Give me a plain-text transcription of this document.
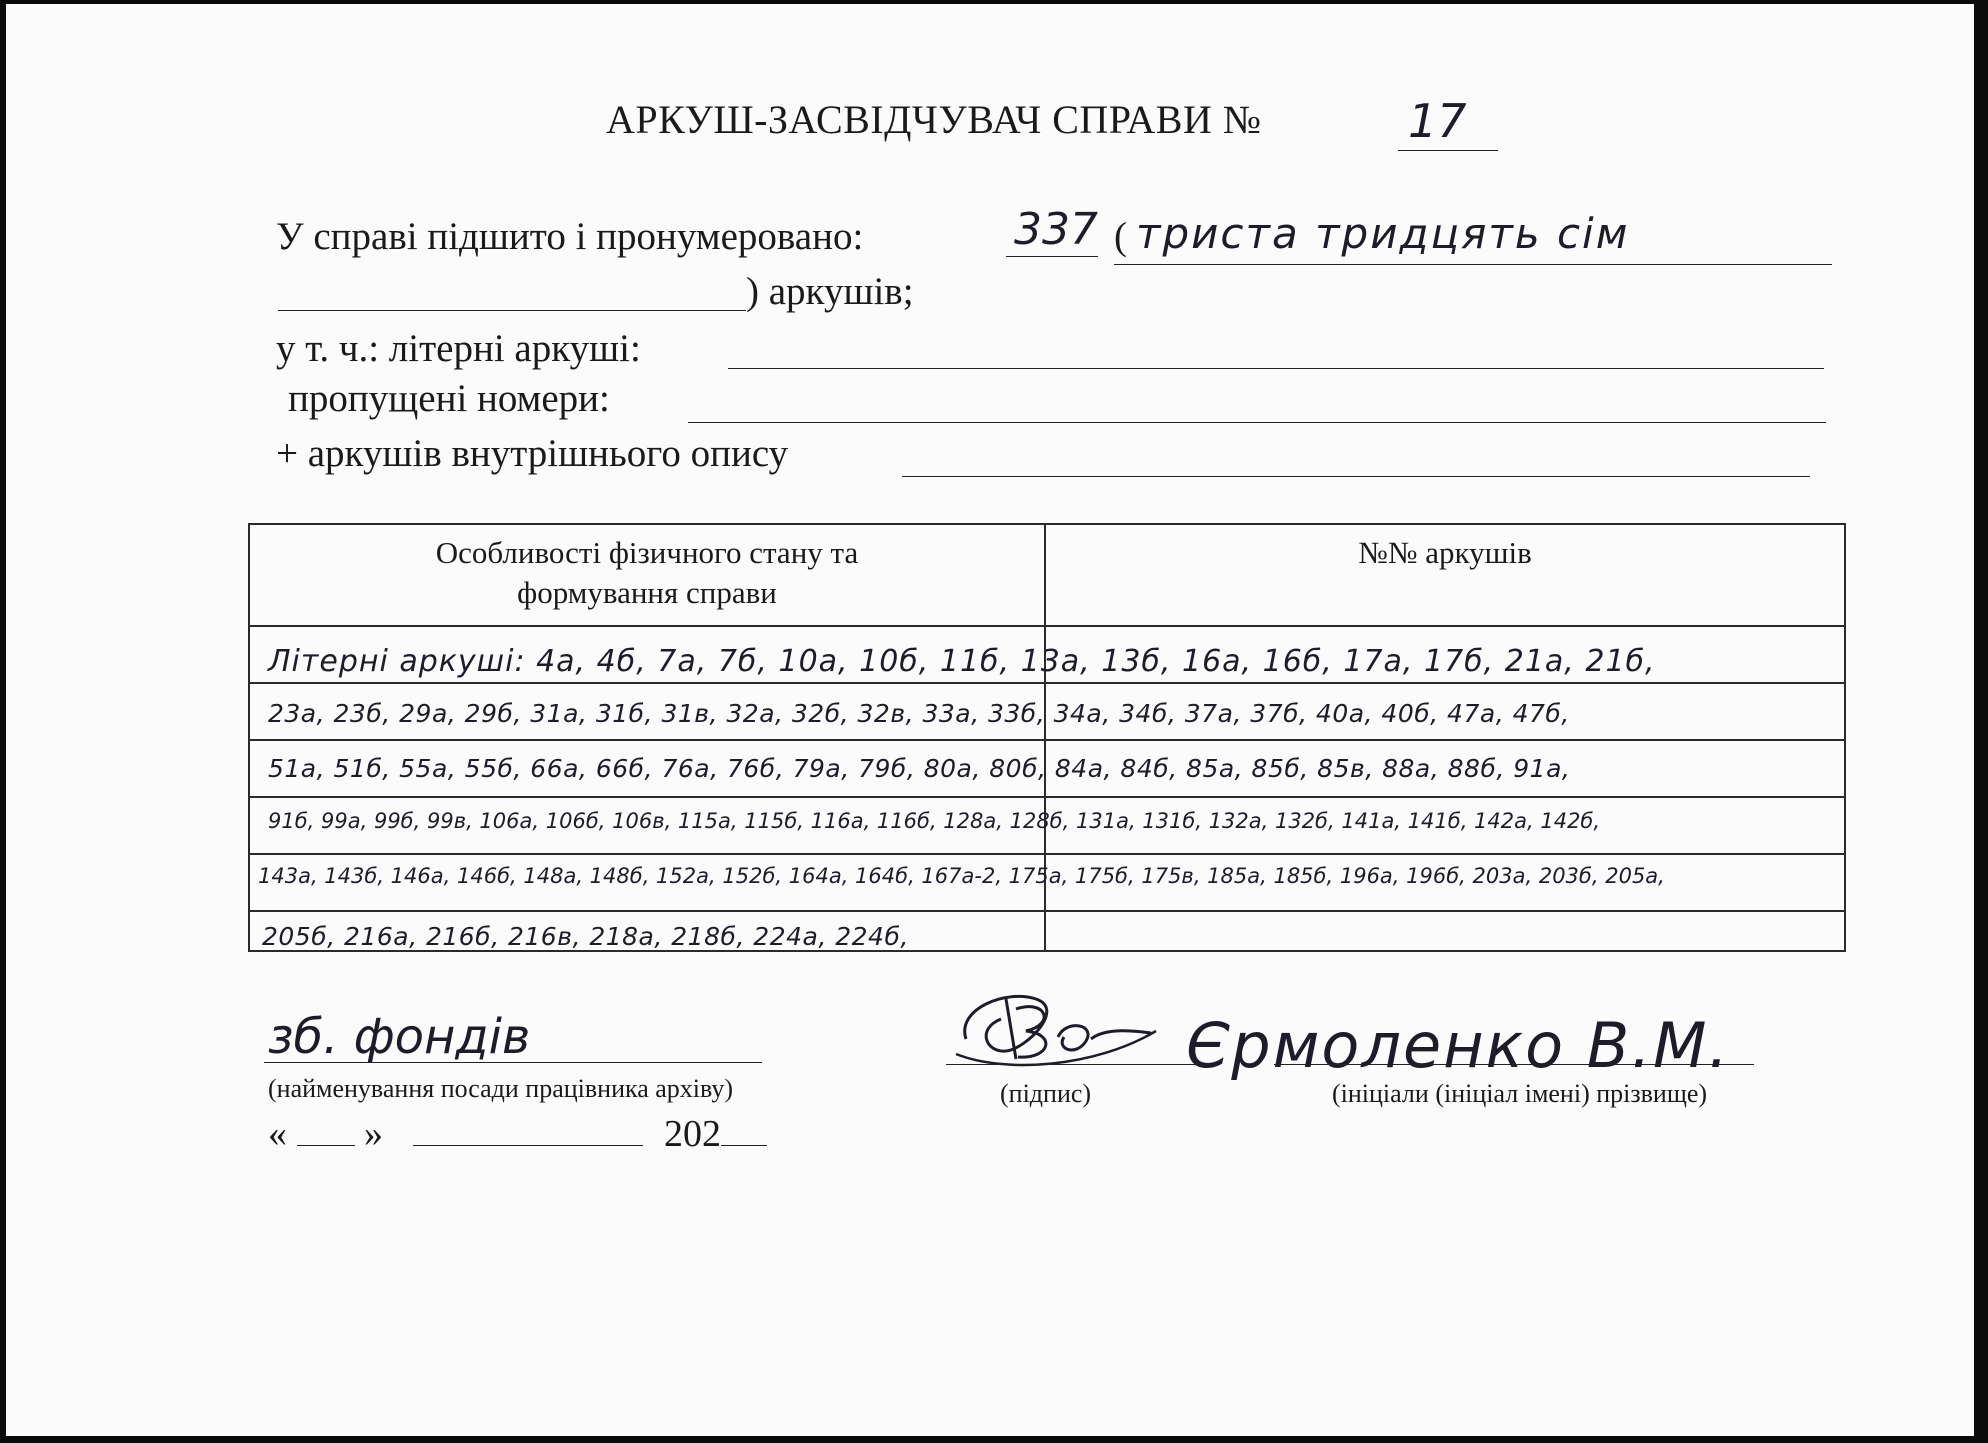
АРКУШ-ЗАСВІДЧУВАЧ СПРАВИ №	17
У справі підшито і пронумеровано:	337 ( тристa тридцять сім
) аркушів;
у т. ч.: літерні аркуші:
пропущені номери:
+ аркушів внутрішнього опису
Особливості фізичного стану та
формування справи	№№ аркушів

Літерні аркуші: 4а, 4б, 7а, 7б, 10а, 10б, 11б, 13а, 13б, 16а, 16б, 17а, 17б, 21а, 21б,
23а, 23б, 29а, 29б, 31а, 31б, 31в, 32а, 32б, 32в, 33а, 33б, 34а, 34б, 37а, 37б, 40а, 40б, 47а, 47б,
51а, 51б, 55а, 55б, 66а, 66б, 76а, 76б, 79а, 79б, 80а, 80б, 84а, 84б, 85а, 85б, 85в, 88а, 88б, 91а,
91б, 99а, 99б, 99в, 106а, 106б, 106в, 115а, 115б, 116а, 116б, 128а, 128б, 131а, 131б, 132а, 132б, 141а, 141б, 142а, 142б,
143а, 143б, 146а, 146б, 148а, 148б, 152а, 152б, 164а, 164б, 167а-2, 175а, 175б, 175в, 185а, 185б, 196а, 196б, 203а, 203б, 205а,
205б, 216а, 216б, 216в, 218а, 218б, 224а, 224б,
зб. фондів
(найменування посади працівника архіву)	(підпис)
Єрмоленко В.М.
(ініціали (ініціал імені) прізвище)
« »	202
